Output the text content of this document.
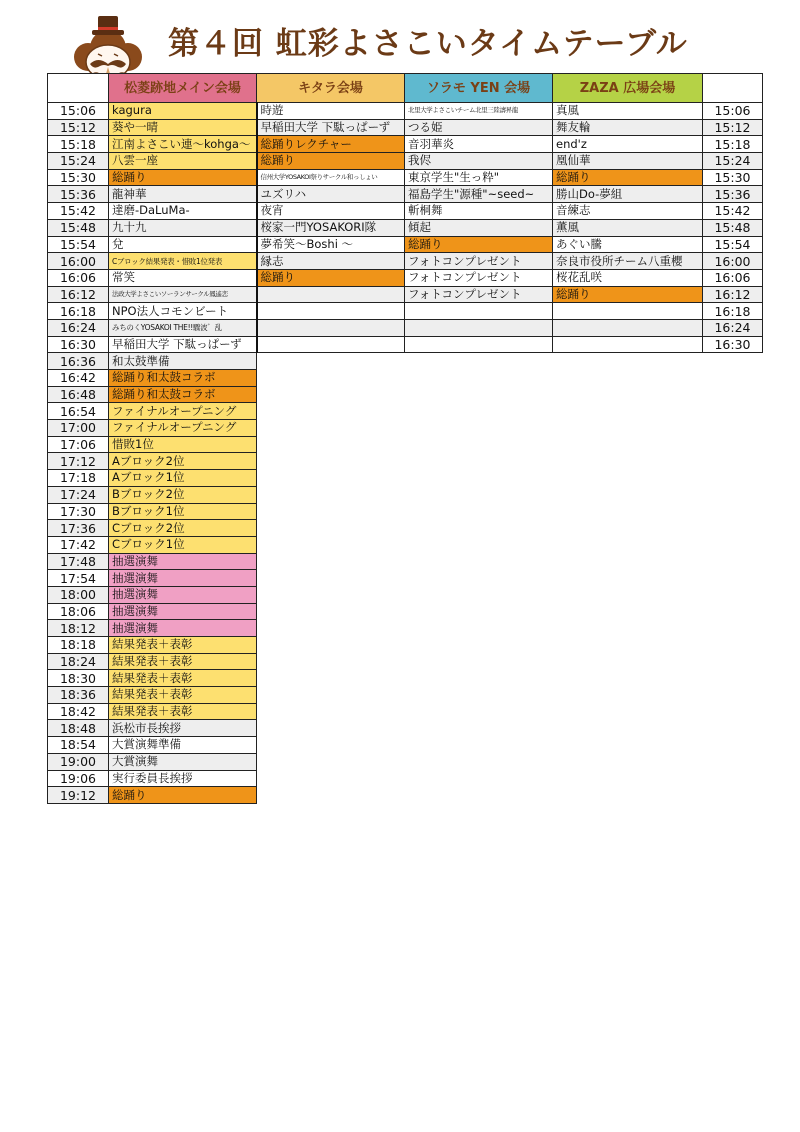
第４回 虹彩よさこいタイムテーブル
	松菱跡地メイン会場	キタラ会場	ソラモ YEN 会場	ZAZA 広場会場	
15:06	kagura	時遊	北里大学よさこいチーム北里三陸濤昇龍	真風	15:06
15:12	葵や一晴	早稲田大学 下駄っぱーず	つる姫	舞友輪	15:12
15:18	江南よさこい連～kohga～	総踊りレクチャー	音羽華炎	end'z	15:18
15:24	八雲一座	総踊り	我侭	凰仙華	15:24
15:30	総踊り	信州大学YOSAKOI祭りサークル和っしょい	東京学生"生っ粋"	総踊り	15:30
15:36	龍神華	ユズリハ	福島学生"源種"~seed~	勝山Do-夢組	15:36
15:42	達磨-DaLuMa-	夜宵	斬桐舞	音練志	15:42
15:48	九十九	桜家一門YOSAKORI隊	傾起	薫風	15:48
15:54	兌	夢希笑～Boshi ～	総踊り	あぐい騰	15:54
16:00	Cブロック結果発表・惜敗1位発表	縁志	フォトコンプレゼント	奈良市役所チーム八重櫻	16:00
16:06	常笑	総踊り	フォトコンプレゼント	桜花乱咲	16:06
16:12	法政大学よさこいソーランサークル鳳遙恋		フォトコンプレゼント	総踊り	16:12
16:18	NPO法人コモンビート				16:18
16:24	みちのくYOSAKOI THE!!驟波゛乱				16:24
16:30	早稲田大学 下駄っぱーず				16:30
16:36	和太鼓準備				
16:42	総踊り和太鼓コラボ				
16:48	総踊り和太鼓コラボ				
16:54	ファイナルオープニング				
17:00	ファイナルオープニング				
17:06	惜敗1位				
17:12	Aブロック2位				
17:18	Aブロック1位				
17:24	Bブロック2位				
17:30	Bブロック1位				
17:36	Cブロック2位				
17:42	Cブロック1位				
17:48	抽選演舞				
17:54	抽選演舞				
18:00	抽選演舞				
18:06	抽選演舞				
18:12	抽選演舞				
18:18	結果発表＋表彰				
18:24	結果発表＋表彰				
18:30	結果発表＋表彰				
18:36	結果発表＋表彰				
18:42	結果発表＋表彰				
18:48	浜松市長挨拶				
18:54	大賞演舞準備				
19:00	大賞演舞				
19:06	実行委員長挨拶				
19:12	総踊り				
